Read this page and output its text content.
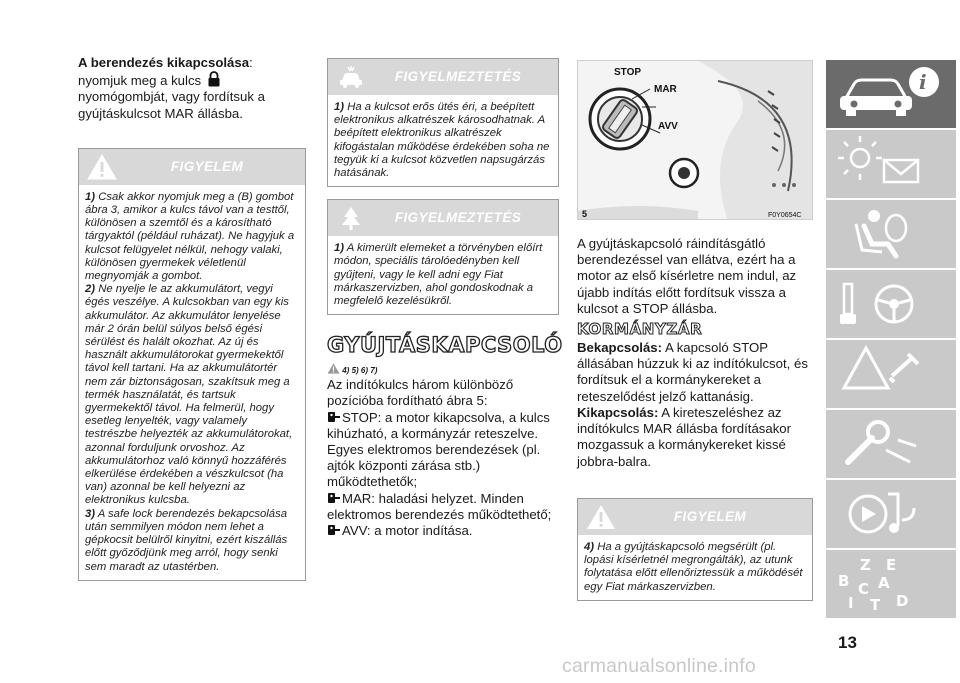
A berendezés kikapcsolása:
nyomjuk meg a kulcs
nyomógombját, vagy fordítsuk a
gyújtáskulcsot MAR állásba.
FIGYELEM
1) Csak akkor nyomjuk meg a (B) gombot ábra 3, amikor a kulcs távol van a testtől, különösen a szemtől és a károsítható tárgyaktól (például ruházat). Ne hagyjuk a kulcsot felügyelet nélkül, nehogy valaki, különösen gyermekek véletlenül megnyomják a gombot.
2) Ne nyelje le az akkumulátort, vegyi égés veszélye. A kulcsokban van egy kis akkumulátor. Az akkumulátor lenyelése már 2 órán belül súlyos belső égési sérülést és halált okozhat. Az új és használt akkumulátorokat gyermekektől távol kell tartani. Ha az akkumulátortér nem zár biztonságosan, szakítsuk meg a termék használatát, és tartsuk gyermekektől távol. Ha felmerül, hogy esetleg lenyelték, vagy valamely testrészbe helyezték az akkumulátorokat, azonnal forduljunk orvoshoz. Az akkumulátorhoz való könnyű hozzáférés elkerülése érdekében a vészkulcsot (ha van) azonnal be kell helyezni az elektronikus kulcsba.
3) A safe lock berendezés bekapcsolása után semmilyen módon nem lehet a gépkocsit belülről kinyitni, ezért kiszállás előtt győződjünk meg arról, hogy senki sem maradt az utastérben.
FIGYELMEZTETÉS
1) Ha a kulcsot erős ütés éri, a beépített elektronikus alkatrészek károsodhatnak. A beépített elektronikus alkatrészek kifogástalan működése érdekében soha ne tegyük ki a kulcsot közvetlen napsugárzás hatásának.
FIGYELMEZTETÉS
1) A kimerült elemeket a törvényben előírt módon, speciális tárolóedényben kell gyűjteni, vagy le kell adni egy Fiat márkaszervizben, ahol gondoskodnak a megfelelő kezelésükről.
GYÚJTÁSKAPCSOLÓ
4) 5) 6) 7)
Az indítókulcs három különböző pozícióba fordítható ábra 5:
STOP: a motor kikapcsolva, a kulcs kihúzható, a kormányzár reteszelve. Egyes elektromos berendezések (pl. ajtók központi zárása stb.) működtethetők;
MAR: haladási helyzet. Minden elektromos berendezés működtethető;
AVV: a motor indítása.
STOP
MAR
AVV
5	F0Y0654C
A gyújtáskapcsoló ráindításgátló berendezéssel van ellátva, ezért ha a motor az első kísérletre nem indul, az újabb indítás előtt fordítsuk vissza a kulcsot a STOP állásba.
KORMÁNYZÁR
Bekapcsolás: A kapcsoló STOP állásában húzzuk ki az indítókulcsot, és fordítsuk el a kormánykereket a reteszelődést jelző kattanásig.
Kikapcsolás: A kireteszeléshez az indítókulcs MAR állásba fordításakor mozgassuk a kormánykereket kissé jobbra-balra.
FIGYELEM
4) Ha a gyújtáskapcsoló megsérült (pl. lopási kísérletnél megrongálták), az utunk folytatása előtt ellenőriztessük a működését egy Fiat márkaszervizben.
i
Z E
B A
C
D
I T
13
carmanualsonline.info
